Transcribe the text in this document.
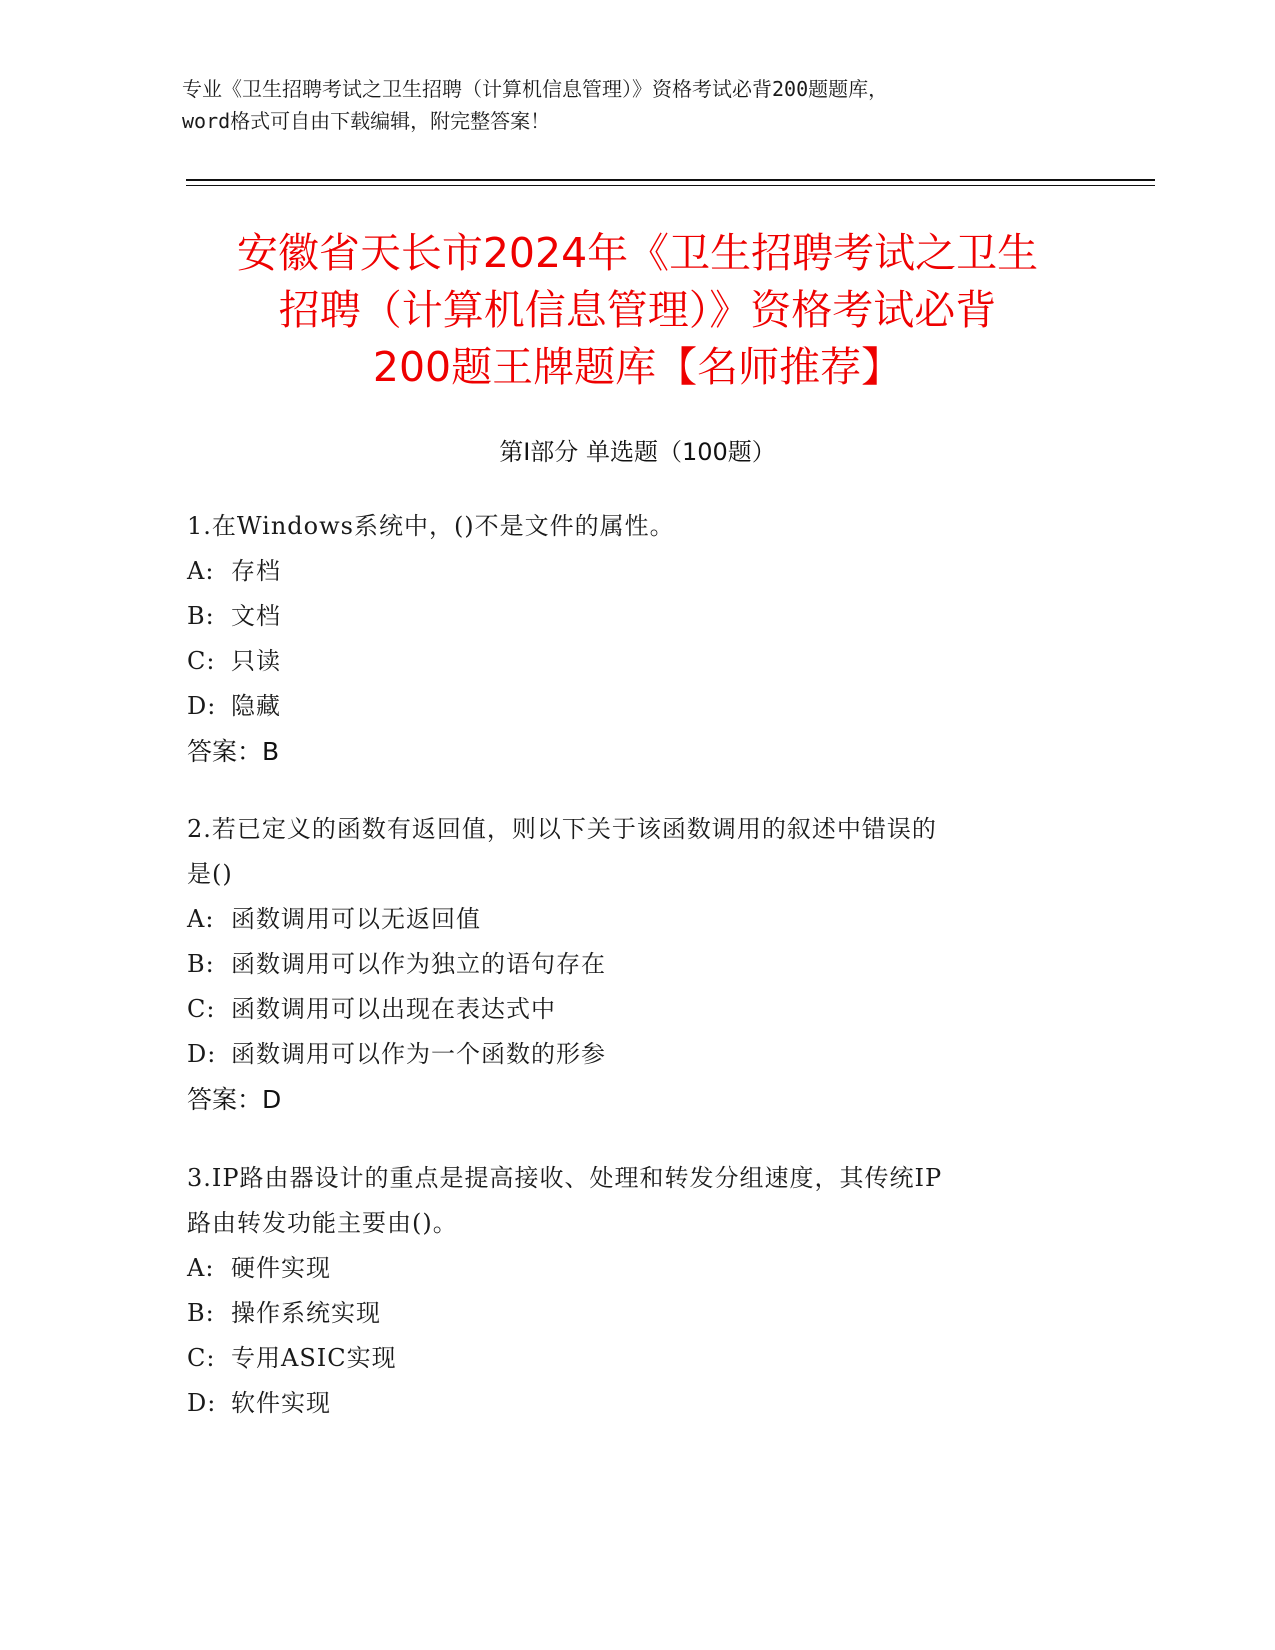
专业《卫生招聘考试之卫生招聘（计算机信息管理）》资格考试必背200题题库，
word格式可自由下载编辑，附完整答案！
安徽省天长市2024年《卫生招聘考试之卫生
招聘（计算机信息管理）》资格考试必背
200题王牌题库【名师推荐】
第I部分 单选题（100题）
1.在Windows系统中，()不是文件的属性。
A: 存档
B: 文档
C: 只读
D: 隐藏
答案：B
2.若已定义的函数有返回值，则以下关于该函数调用的叙述中错误的
是()
A: 函数调用可以无返回值
B: 函数调用可以作为独立的语句存在
C: 函数调用可以出现在表达式中
D: 函数调用可以作为一个函数的形参
答案：D
3.IP路由器设计的重点是提高接收、处理和转发分组速度，其传统IP
路由转发功能主要由()。
A: 硬件实现
B: 操作系统实现
C: 专用ASIC实现
D: 软件实现
